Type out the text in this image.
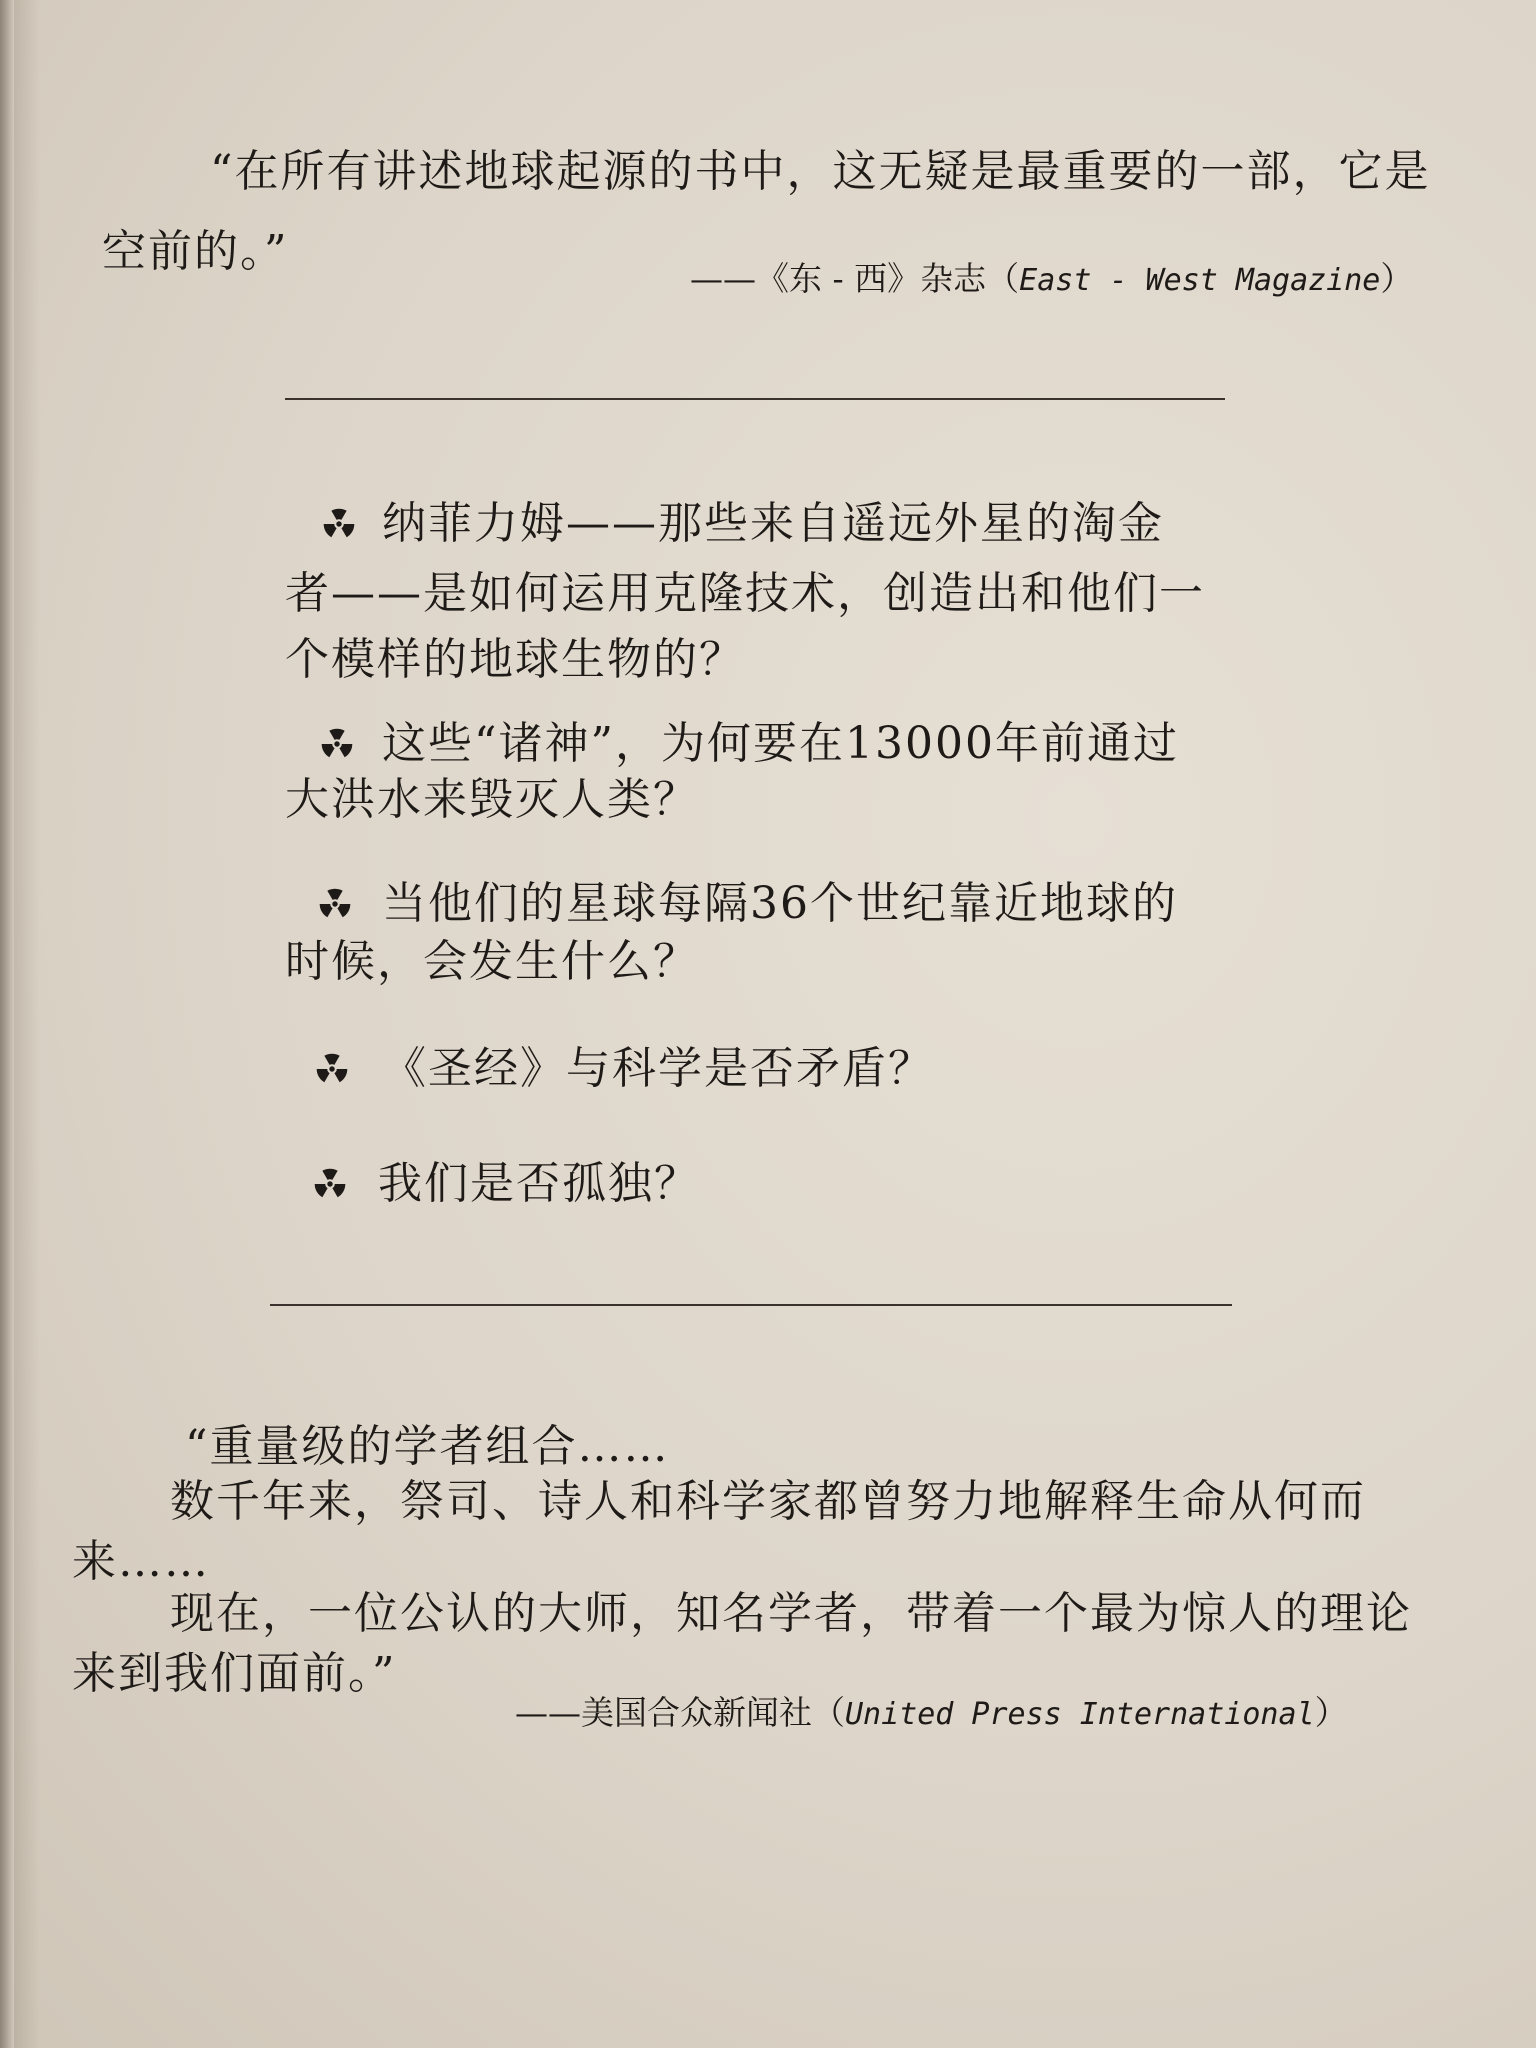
“在所有讲述地球起源的书中，这无疑是最重要的一部，它是
空前的。”
——《东 - 西》杂志（East - West Magazine）
纳菲力姆——那些来自遥远外星的淘金
者——是如何运用克隆技术，创造出和他们一
个模样的地球生物的？
这些“诸神”，为何要在13000年前通过
大洪水来毁灭人类？
当他们的星球每隔36个世纪靠近地球的
时候，会发生什么？
《圣经》与科学是否矛盾？
我们是否孤独？
“重量级的学者组合……
数千年来，祭司、诗人和科学家都曾努力地解释生命从何而
来……
现在，一位公认的大师，知名学者，带着一个最为惊人的理论
来到我们面前。”
——美国合众新闻社（United Press International）
